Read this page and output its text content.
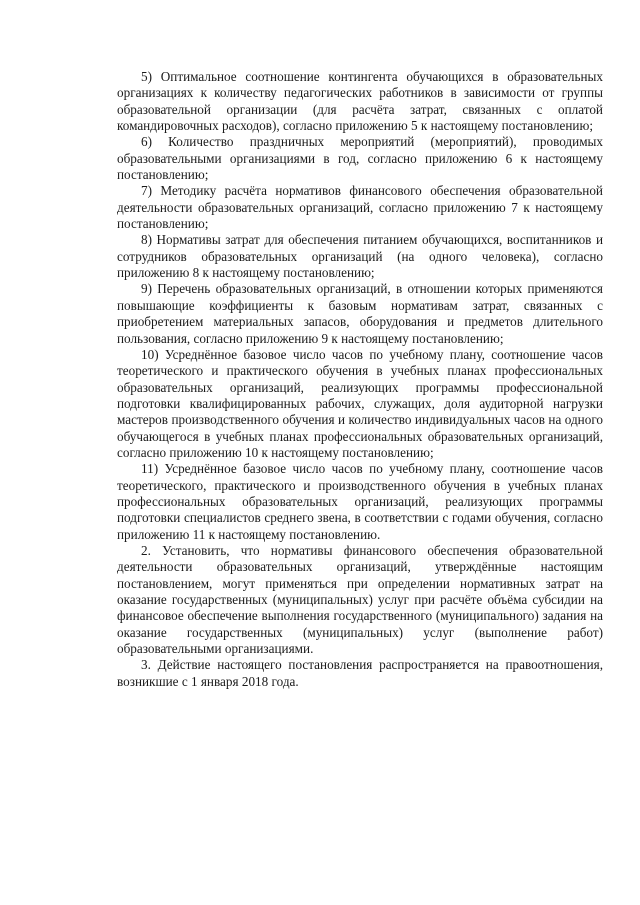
5) Оптимальное соотношение контингента обучающихся в образовательных организациях к количеству педагогических работников в зависимости от группы образовательной организации (для расчёта затрат, связанных с оплатой командировочных расходов), согласно приложению 5 к настоящему постановлению;

6) Количество праздничных мероприятий (мероприятий), проводимых образовательными организациями в год, согласно приложению 6 к настоящему постановлению;

7) Методику расчёта нормативов финансового обеспечения образовательной деятельности образовательных организаций, согласно приложению 7 к настоящему постановлению;

8) Нормативы затрат для обеспечения питанием обучающихся, воспитанников и сотрудников образовательных организаций (на одного человека), согласно приложению 8 к настоящему постановлению;

9) Перечень образовательных организаций, в отношении которых применяются повышающие коэффициенты к базовым нормативам затрат, связанных с приобретением материальных запасов, оборудования и предметов длительного пользования, согласно приложению 9 к настоящему постановлению;

10) Усреднённое базовое число часов по учебному плану, соотношение часов теоретического и практического обучения в учебных планах профессиональных образовательных организаций, реализующих программы профессиональной подготовки квалифицированных рабочих, служащих, доля аудиторной нагрузки мастеров производственного обучения и количество индивидуальных часов на одного обучающегося в учебных планах профессиональных образовательных организаций, согласно приложению 10 к настоящему постановлению;

11) Усреднённое базовое число часов по учебному плану, соотношение часов теоретического, практического и производственного обучения в учебных планах профессиональных образовательных организаций, реализующих программы подготовки специалистов среднего звена, в соответствии с годами обучения, согласно приложению 11 к настоящему постановлению.

2. Установить, что нормативы финансового обеспечения образовательной деятельности образовательных организаций, утверждённые настоящим постановлением, могут применяться при определении нормативных затрат на оказание государственных (муниципальных) услуг при расчёте объёма субсидии на финансовое обеспечение выполнения государственного (муниципального) задания на оказание государственных (муниципальных) услуг (выполнение работ) образовательными организациями.

3. Действие настоящего постановления распространяется на правоотношения, возникшие с 1 января 2018 года.
